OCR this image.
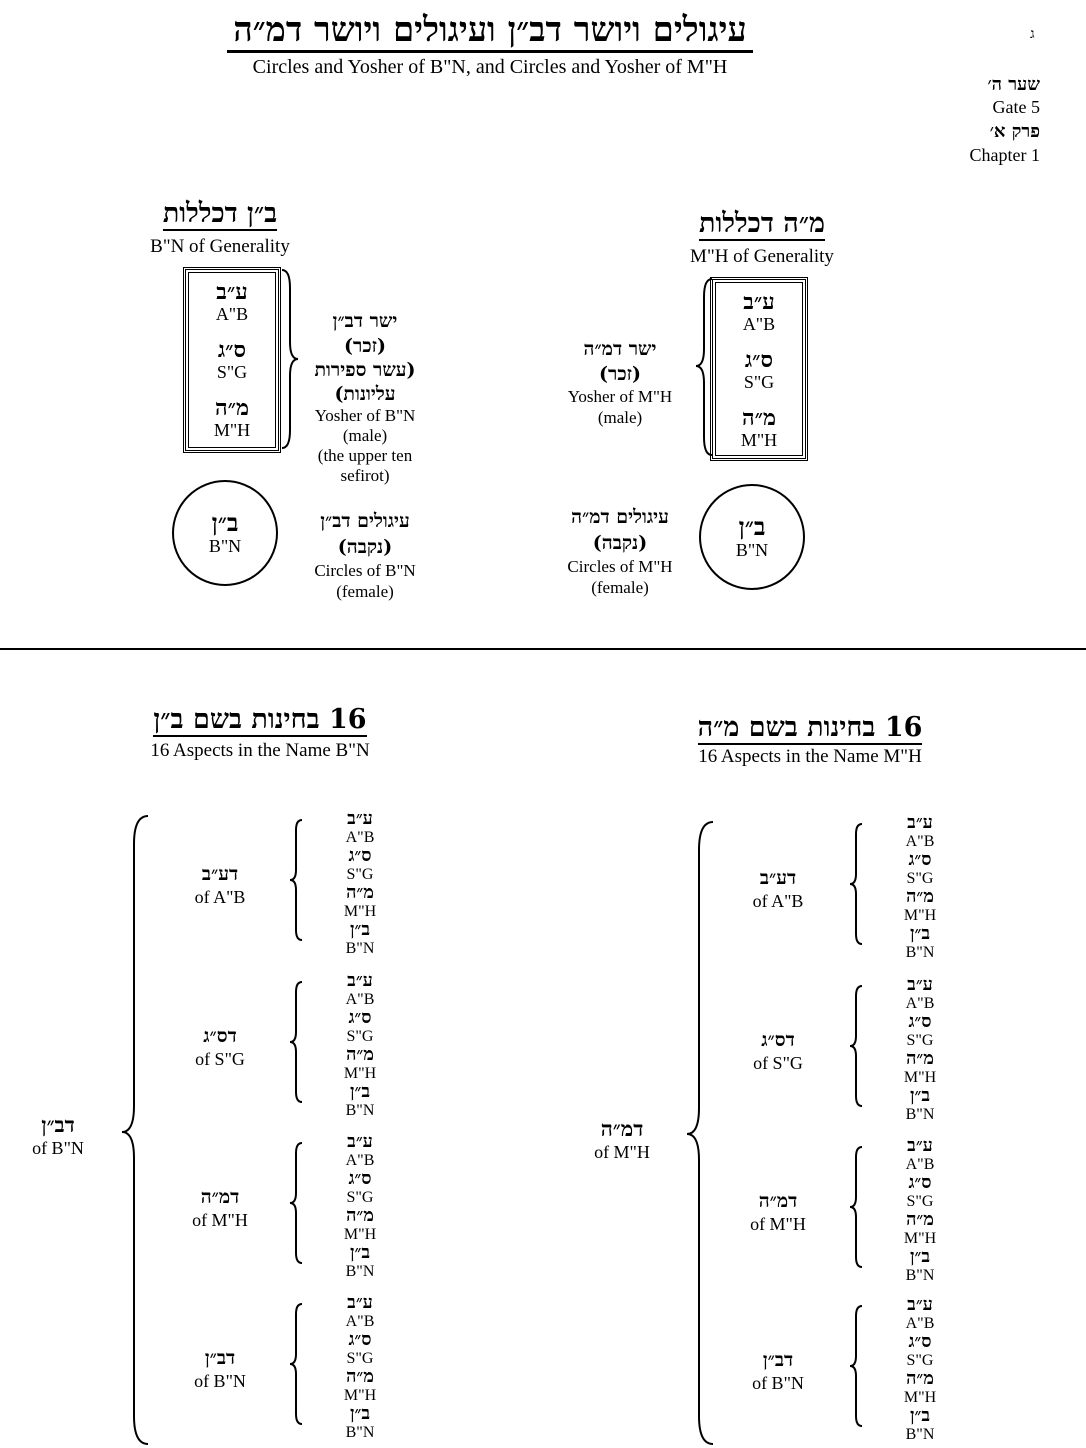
עיגולים ויושר דב״ן ועיגולים ויושר דמ״ה
Circles and Yosher of B"N, and Circles and Yosher of M"H
ג
שער ה׳
Gate 5
פרק א׳
Chapter 1
ב״ן דכללות
B"N of Generality
ע״ב
A"B
ס״ג
S"G
מ״ה
M"H
ישר דב״ן
(זכר)
(עשר ספירות
עליונות)
Yosher of B"N
(male)
(the upper ten
sefirot)
ב״ן
B"N
עיגולים דב״ן
(נקבה)
Circles of B"N
(female)
מ״ה דכללות
M"H of Generality
ע״ב
A"B
ס״ג
S"G
מ״ה
M"H
ישר דמ״ה
(זכר)
Yosher of M"H
(male)
עיגולים דמ״ה
(נקבה)
Circles of M"H
(female)
ב״ן
B"N
16 בחינות בשם ב״ן
16 Aspects in the Name B"N
דב״ן
of B"N
דע״ב
of A"B
ע״ב
A"B
ס״ג
S"G
מ״ה
M"H
ב״ן
B"N
דס״ג
of S"G
ע״ב
A"B
ס״ג
S"G
מ״ה
M"H
ב״ן
B"N
דמ״ה
of M"H
ע״ב
A"B
ס״ג
S"G
מ״ה
M"H
ב״ן
B"N
דב״ן
of B"N
ע״ב
A"B
ס״ג
S"G
מ״ה
M"H
ב״ן
B"N
16 בחינות בשם מ״ה
16 Aspects in the Name M"H
דמ״ה
of M"H
דע״ב
of A"B
ע״ב
A"B
ס״ג
S"G
מ״ה
M"H
ב״ן
B"N
דס״ג
of S"G
ע״ב
A"B
ס״ג
S"G
מ״ה
M"H
ב״ן
B"N
דמ״ה
of M"H
ע״ב
A"B
ס״ג
S"G
מ״ה
M"H
ב״ן
B"N
דב״ן
of B"N
ע״ב
A"B
ס״ג
S"G
מ״ה
M"H
ב״ן
B"N
